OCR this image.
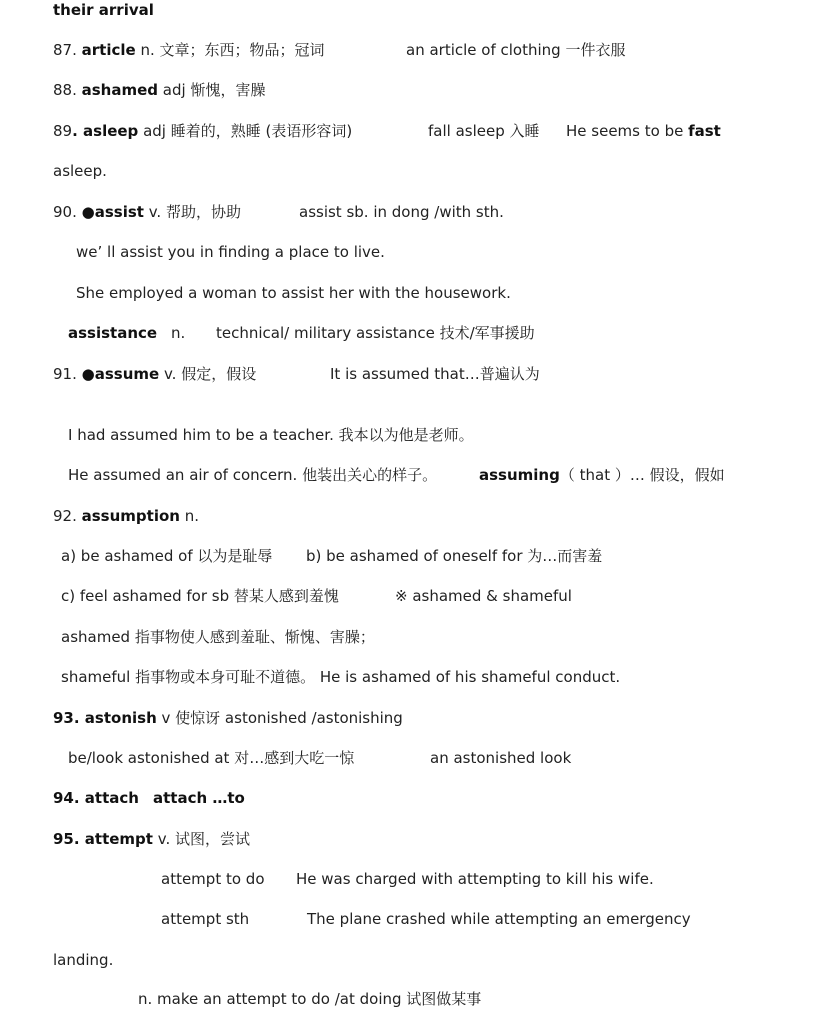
their arrival
87. article n. 文章；东西；物品；冠词	an article of clothing 一件衣服
88. ashamed adj 惭愧，害臊
89. asleep adj 睡着的，熟睡 (表语形容词)	fall asleep 入睡 He seems to be fast
asleep.
90. ●assist v. 帮助，协助	assist sb. in dong /with sth.
we’ ll assist you in finding a place to live.
She employed a woman to assist her with the housework.
assistance n. technical/ military assistance 技术/军事援助
91. ●assume v. 假定，假设	It is assumed that…普遍认为
I had assumed him to be a teacher. 我本以为他是老师。
He assumed an air of concern. 他装出关心的样子。	assuming（ that ）… 假设，假如
92. assumption n.
a) be ashamed of 以为是耻辱 b) be ashamed of oneself for 为…而害羞
c) feel ashamed for sb 替某人感到羞愧	※ ashamed & shameful
ashamed 指事物使人感到羞耻、惭愧、害臊；
shameful 指事物或本身可耻不道德。 He is ashamed of his shameful conduct.
93. astonish v 使惊讶 astonished /astonishing
be/look astonished at 对…感到大吃一惊	an astonished look
94. attach attach …to
95. attempt v. 试图，尝试
attempt to do He was charged with attempting to kill his wife.
attempt sth	The plane crashed while attempting an emergency
landing.
n. make an attempt to do /at doing 试图做某事
